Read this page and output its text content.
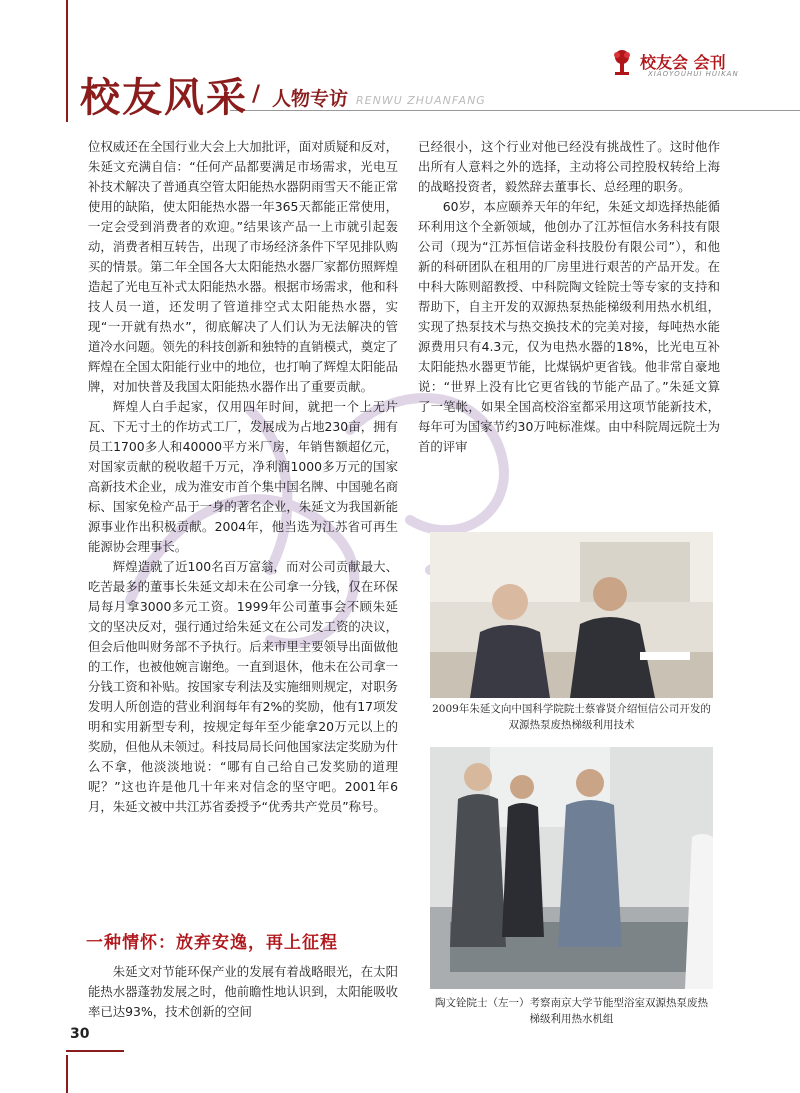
校友风采 / 人物专访 RENWU ZHUANFANG
校友会 会刊
XIAOYOUHUI HUIKAN

位权威还在全国行业大会上大加批评，面对质疑和反对，朱延文充满自信：“任何产品都要满足市场需求，光电互补技术解决了普通真空管太阳能热水器阴雨雪天不能正常使用的缺陷，使太阳能热水器一年365天都能正常使用，一定会受到消费者的欢迎。”结果该产品一上市就引起轰动，消费者相互转告，出现了市场经济条件下罕见排队购买的情景。第二年全国各大太阳能热水器厂家都仿照辉煌造起了光电互补式太阳能热水器。根据市场需求，他和科技人员一道，还发明了管道排空式太阳能热水器，实现“一开就有热水”，彻底解决了人们认为无法解决的管道冷水问题。领先的科技创新和独特的直销模式，奠定了辉煌在全国太阳能行业中的地位，也打响了辉煌太阳能品牌，对加快普及我国太阳能热水器作出了重要贡献。

辉煌人白手起家，仅用四年时间，就把一个上无片瓦、下无寸土的作坊式工厂，发展成为占地230亩，拥有员工1700多人和40000平方米厂房，年销售额超亿元，对国家贡献的税收超千万元，净利润1000多万元的国家高新技术企业，成为淮安市首个集中国名牌、中国驰名商标、国家免检产品于一身的著名企业，朱延文为我国新能源事业作出积极贡献。2004年，他当选为江苏省可再生能源协会理事长。

辉煌造就了近100名百万富翁，而对公司贡献最大、吃苦最多的董事长朱延文却未在公司拿一分钱，仅在环保局每月拿3000多元工资。1999年公司董事会不顾朱延文的坚决反对，强行通过给朱延文在公司发工资的决议，但会后他叫财务部不予执行。后来市里主要领导出面做他的工作，也被他婉言谢绝。一直到退休，他未在公司拿一分钱工资和补贴。按国家专利法及实施细则规定，对职务发明人所创造的营业利润每年有2%的奖励，他有17项发明和实用新型专利，按规定每年至少能拿20万元以上的奖励，但他从未领过。科技局局长问他国家法定奖励为什么不拿，他淡淡地说：“哪有自己给自己发奖励的道理呢？”这也许是他几十年来对信念的坚守吧。2001年6月，朱延文被中共江苏省委授予“优秀共产党员”称号。

一种情怀：放弃安逸，再上征程

朱延文对节能环保产业的发展有着战略眼光，在太阳能热水器蓬勃发展之时，他前瞻性地认识到，太阳能吸收率已达93%，技术创新的空间

已经很小，这个行业对他已经没有挑战性了。这时他作出所有人意料之外的选择，主动将公司控股权转给上海的战略投资者，毅然辞去董事长、总经理的职务。

60岁，本应颐养天年的年纪，朱延文却选择热能循环利用这个全新领域，他创办了江苏恒信水务科技有限公司（现为“江苏恒信诺金科技股份有限公司”），和他新的科研团队在租用的厂房里进行艰苦的产品开发。在中科大陈则韶教授、中科院陶文铨院士等专家的支持和帮助下，自主开发的双源热泵热能梯级利用热水机组，实现了热泵技术与热交换技术的完美对接，每吨热水能源费用只有4.3元，仅为电热水器的18%，比光电互补太阳能热水器更节能，比煤锅炉更省钱。他非常自豪地说：“世界上没有比它更省钱的节能产品了。”朱延文算了一笔帐，如果全国高校浴室都采用这项节能新技术，每年可为国家节约30万吨标准煤。由中科院周远院士为首的评审

2009年朱延文向中国科学院院士蔡睿贤介绍恒信公司开发的双源热泵废热梯级利用技术
陶文铨院士（左一）考察南京大学节能型浴室双源热泵废热梯级利用热水机组
30
